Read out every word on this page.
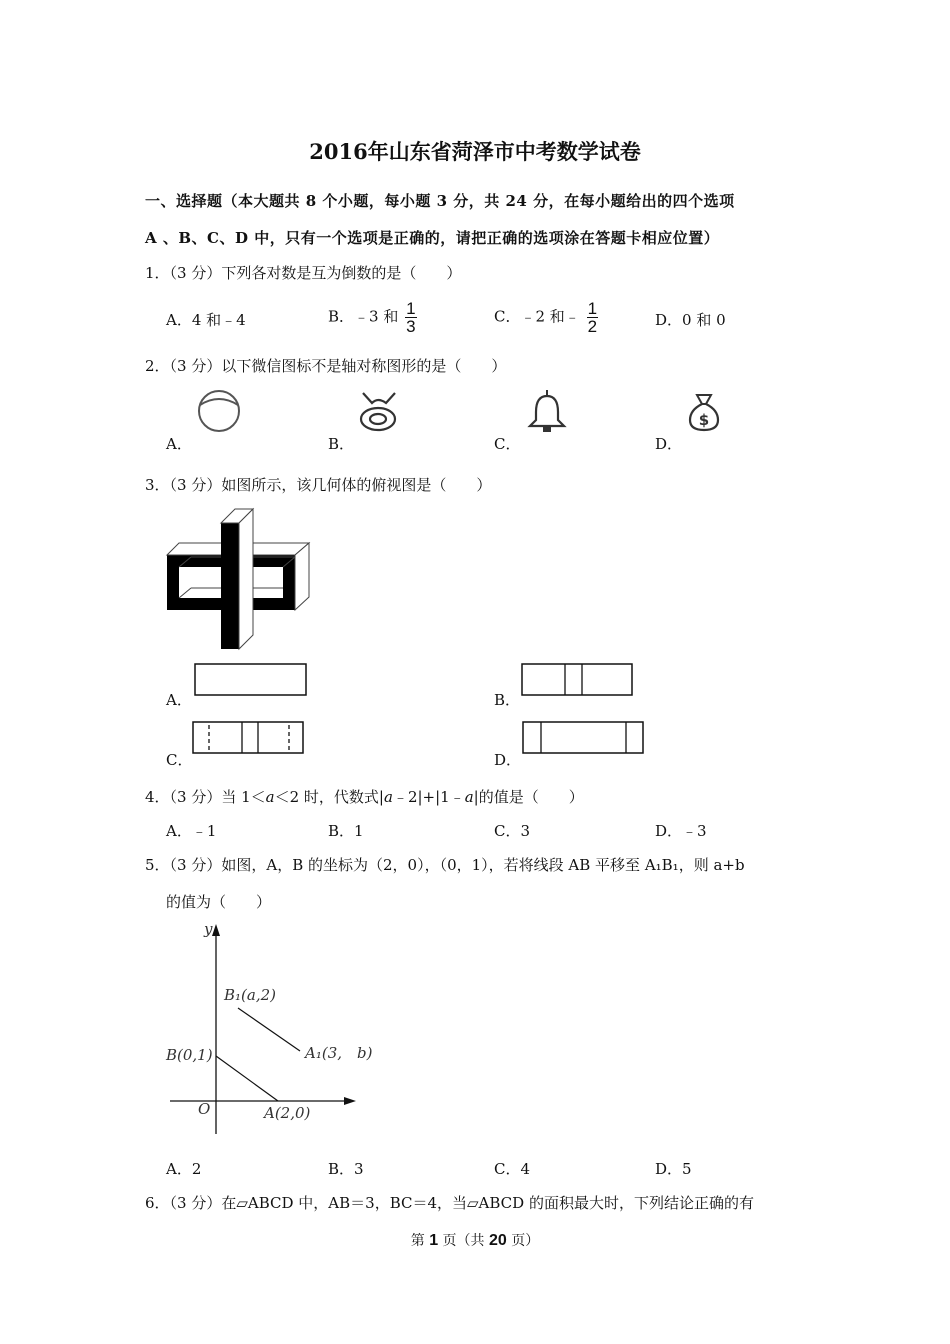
2016年山东省菏泽市中考数学试卷
一、选择题（本大题共 8 个小题，每小题 3 分，共 24 分，在每小题给出的四个选项
A 、B、C、D 中，只有一个选项是正确的，请把正确的选项涂在答题卡相应位置）
1．（3 分）下列各对数是互为倒数的是（　　）
A．4 和﹣4	B．﹣3 和 $\frac{1}{3}$	C．﹣2 和﹣ $\frac{1}{2}$	D．0 和 0
2．（3 分）以下微信图标不是轴对称图形的是（　　）
A．	B．	C．	D．
$
3．（3 分）如图所示，该几何体的俯视图是（　　）
A．	B．
C．	D．
4．（3 分）当 1＜a＜2 时，代数式|a﹣2|+|1﹣a|的值是（　　）
A．﹣1	B．1	C．3	D．﹣3
5．（3 分）如图，A，B 的坐标为（2，0），（0，1），若将线段 AB 平移至 A₁B₁，则 a+b
的值为（　　）
y
O
B₁(a,2)
A₁(3,　b)
B(0,1)
A(2,0)
A．2	B．3	C．4	D．5
6．（3 分）在▱ABCD 中，AB＝3，BC＝4，当▱ABCD 的面积最大时，下列结论正确的有
第 1 页（共 20 页）
